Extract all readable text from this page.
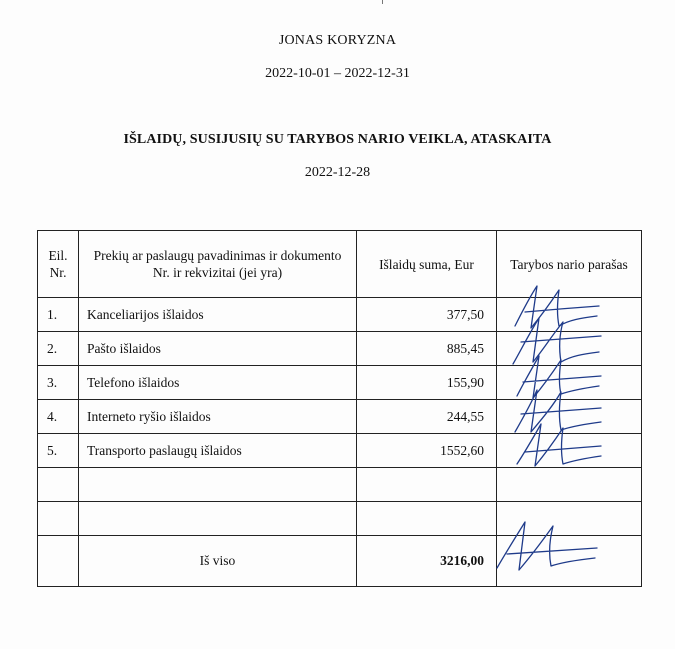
JONAS KORYZNA
2022-10-01 – 2022-12-31
IŠLAIDŲ, SUSIJUSIŲ SU TARYBOS NARIO VEIKLA, ATASKAITA
2022-12-28
Eil. Nr.	Prekių ar paslaugų pavadinimas ir dokumento Nr. ir rekvizitai (jei yra)	Išlaidų suma, Eur	Tarybos nario parašas
1.	Kanceliarijos išlaidos	377,50	

2.	Pašto išlaidos	885,45	

3.	Telefono išlaidos	155,90	

4.	Interneto ryšio išlaidos	244,55	

5.	Transporto paslaugų išlaidos	1552,60	

	Iš viso	3216,00	
